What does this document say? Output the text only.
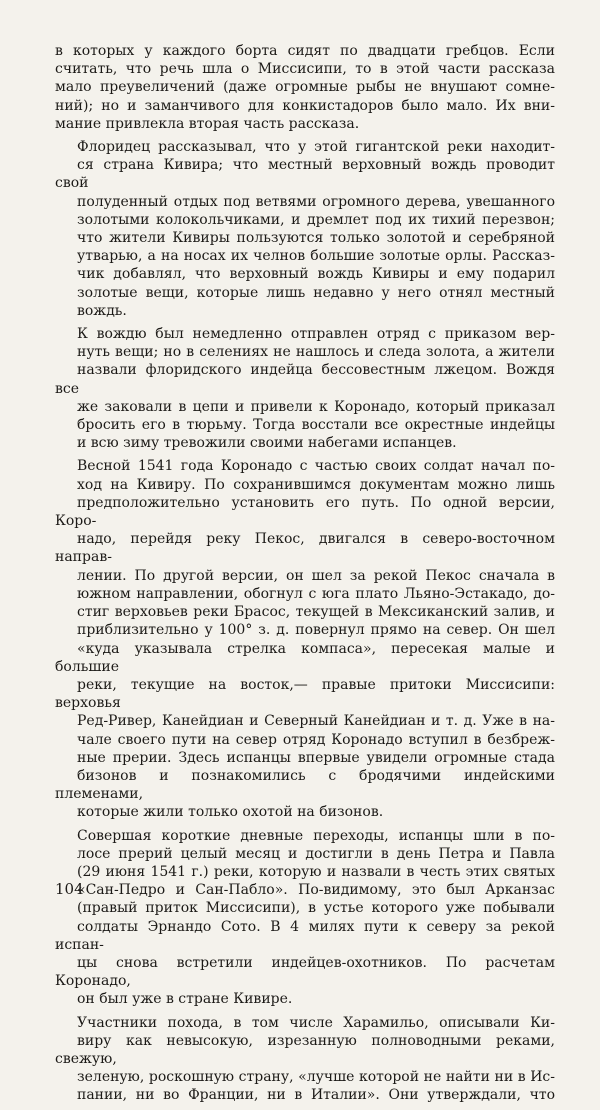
в которых у каждого борта сидят по двадцати гребцов. Если
считать, что речь шла о Миссисипи, то в этой части рассказа
мало преувеличений (даже огромные рыбы не внушают сомне-
ний); но и заманчивого для конкистадоров было мало. Их вни-
мание привлекла вторая часть рассказа.

Флоридец рассказывал, что у этой гигантской реки находит-
ся страна Кивира; что местный верховный вождь проводит свой
полуденный отдых под ветвями огромного дерева, увешанного
золотыми колокольчиками, и дремлет под их тихий перезвон;
что жители Кивиры пользуются только золотой и серебряной
утварью, а на носах их челнов большие золотые орлы. Рассказ-
чик добавлял, что верховный вождь Кивиры и ему подарил
золотые вещи, которые лишь недавно у него отнял местный
вождь.

К вождю был немедленно отправлен отряд с приказом вер-
нуть вещи; но в селениях не нашлось и следа золота, а жители
назвали флоридского индейца бессовестным лжецом. Вождя все
же заковали в цепи и привели к Коронадо, который приказал
бросить его в тюрьму. Тогда восстали все окрестные индейцы
и всю зиму тревожили своими набегами испанцев.

Весной 1541 года Коронадо с частью своих солдат начал по-
ход на Кивиру. По сохранившимся документам можно лишь
предположительно установить его путь. По одной версии, Коро-
надо, перейдя реку Пекос, двигался в северо-восточном направ-
лении. По другой версии, он шел за рекой Пекос сначала в
южном направлении, обогнул с юга плато Льяно-Эстакадо, до-
стиг верховьев реки Брасос, текущей в Мексиканский залив, и
приблизительно у 100° з. д. повернул прямо на север. Он шел
«куда указывала стрелка компаса», пересекая малые и большие
реки, текущие на восток,— правые притоки Миссисипи: верховья
Ред-Ривер, Канейдиан и Северный Канейдиан и т. д. Уже в на-
чале своего пути на север отряд Коронадо вступил в безбреж-
ные прерии. Здесь испанцы впервые увидели огромные стада
бизонов и познакомились с бродячими индейскими племенами,
которые жили только охотой на бизонов.

Совершая короткие дневные переходы, испанцы шли в по-
лосе прерий целый месяц и достигли в день Петра и Павла
(29 июня 1541 г.) реки, которую и назвали в честь этих святых
«Сан-Педро и Сан-Пабло». По-видимому, это был Арканзас
(правый приток Миссисипи), в устье которого уже побывали
солдаты Эрнандо Сото. В 4 милях пути к северу за рекой испан-
цы снова встретили индейцев-охотников. По расчетам Коронадо,
он был уже в стране Кивире.

Участники похода, в том числе Харамильо, описывали Ки-
виру как невысокую, изрезанную полноводными реками, свежую,
зеленую, роскошную страну, «лучше которой не найти ни в Ис-
пании, ни во Франции, ни в Италии». Они утверждали, что

104
